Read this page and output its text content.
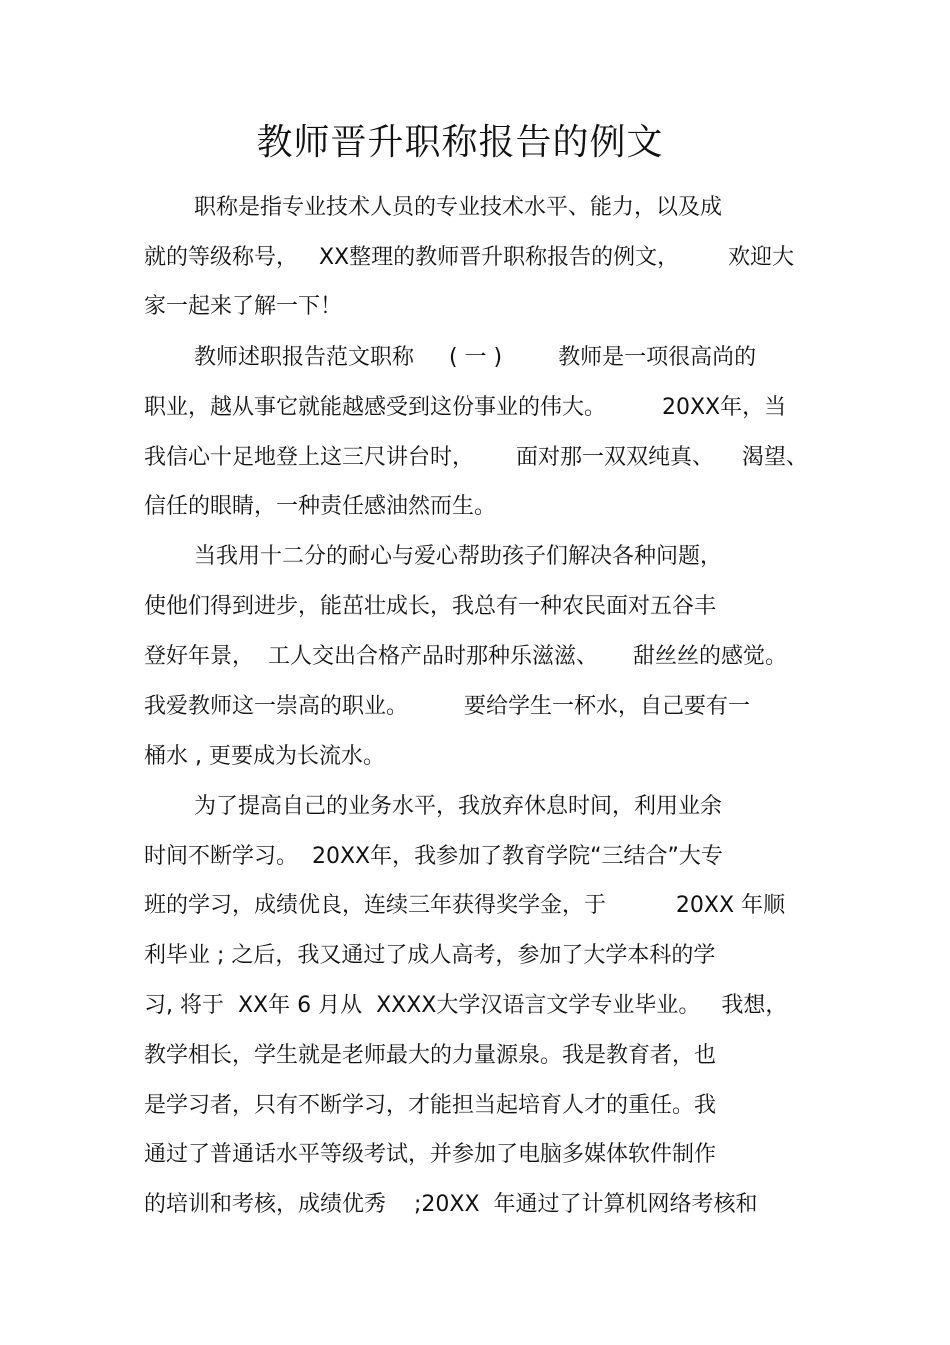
教师晋升职称报告的例文
职称是指专业技术人员的专业技术水平、能力，以及成
就的等级称号，   XX整理的教师晋升职称报告的例文，       欢迎大
家一起来了解一下！
教师述职报告范文职称     ( 一 )        教师是一项很高尚的
职业，越从事它就能越感受到这份事业的伟大。        20XX年，当
我信心十足地登上这三尺讲台时，      面对那一双双纯真、    渴望、
信任的眼睛，一种责任感油然而生。
当我用十二分的耐心与爱心帮助孩子们解决各种问题，
使他们得到进步，能茁壮成长，我总有一种农民面对五谷丰
登好年景，  工人交出合格产品时那种乐滋滋、     甜丝丝的感觉。
我爱教师这一崇高的职业。        要给学生一杯水，自己要有一
桶水 , 更要成为长流水。
为了提高自己的业务水平，我放弃休息时间，利用业余
时间不断学习。  20XX年，我参加了教育学院“三结合”大专
班的学习，成绩优良，连续三年获得奖学金，于          20XX 年顺
利毕业 ; 之后，我又通过了成人高考，参加了大学本科的学
习, 将于  XX年 6 月从  XXXX大学汉语言文学专业毕业。   我想，
教学相长，学生就是老师最大的力量源泉。我是教育者，也
是学习者，只有不断学习，才能担当起培育人才的重任。我
通过了普通话水平等级考试，并参加了电脑多媒体软件制作
的培训和考核，成绩优秀    ;20XX  年通过了计算机网络考核和
